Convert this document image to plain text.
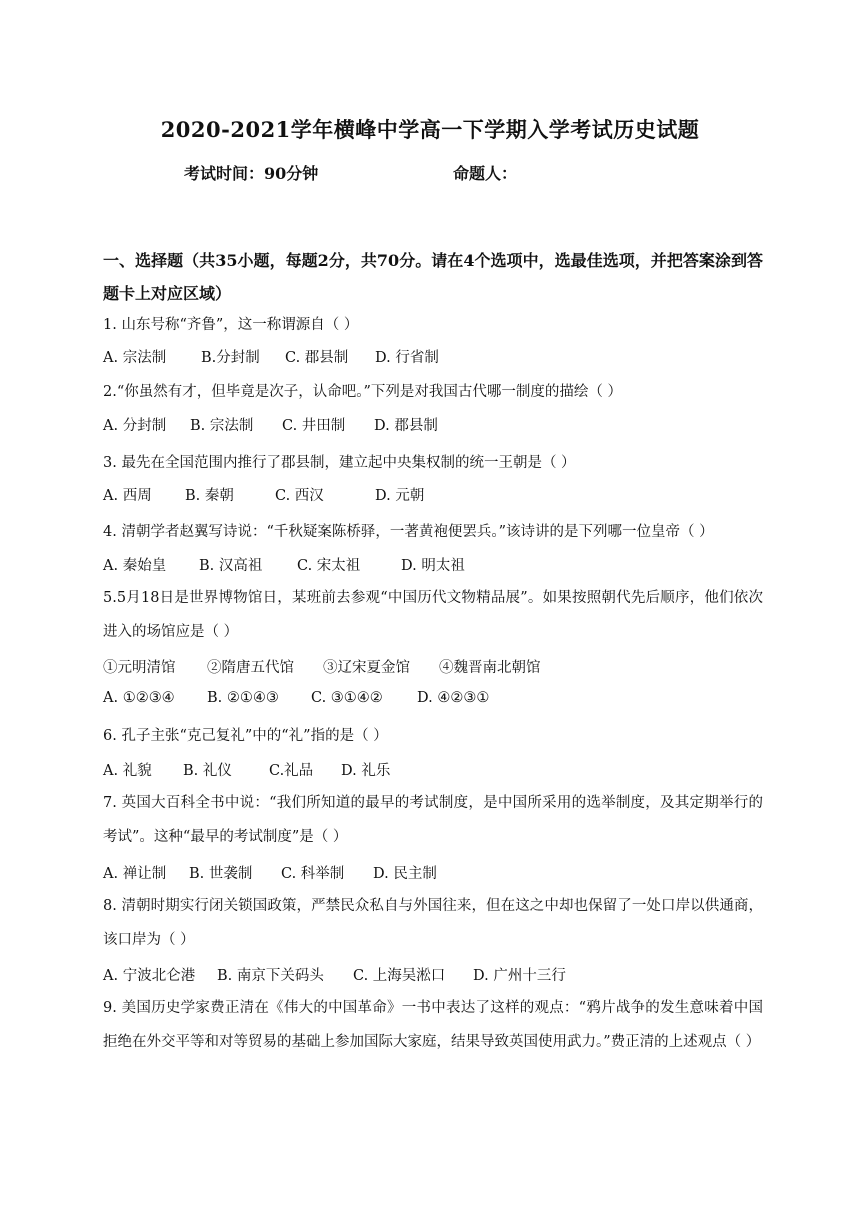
2020-2021学年横峰中学高一下学期入学考试历史试题
考试时间：90分钟	命题人：
一、选择题（共35小题，每题2分，共70分。请在4个选项中，选最佳选项，并把答案涂到答题卡上对应区域）
1. 山东号称“齐鲁”，这一称谓源自（ ）
A. 宗法制 B.分封制 C. 郡县制 D. 行省制
2.“你虽然有才，但毕竟是次子，认命吧。”下列是对我国古代哪一制度的描绘（ ）
A. 分封制 B. 宗法制 C. 井田制 D. 郡县制
3. 最先在全国范围内推行了郡县制，建立起中央集权制的统一王朝是（ ）
A. 西周 B. 秦朝	C. 西汉	D. 元朝
4. 清朝学者赵翼写诗说：“千秋疑案陈桥驿，一著黄袍便罢兵。”该诗讲的是下列哪一位皇帝（ ）
A. 秦始皇 B. 汉高祖 C. 宋太祖	D. 明太祖
5.5月18日是世界博物馆日，某班前去参观“中国历代文物精品展”。如果按照朝代先后顺序，他们依次进入的场馆应是（ ）
①元明清馆 ②隋唐五代馆 ③辽宋夏金馆 ④魏晋南北朝馆
A. ①②③④ B. ②①④③ C. ③①④② D. ④②③①
6. 孔子主张“克己复礼”中的“礼”指的是（ ）
A. 礼貌 B. 礼仪	C.礼品 D. 礼乐
7. 英国大百科全书中说：“我们所知道的最早的考试制度，是中国所采用的选举制度，及其定期举行的考试”。这种“最早的考试制度”是（ ）
A. 禅让制 B. 世袭制 C. 科举制 D. 民主制
8. 清朝时期实行闭关锁国政策，严禁民众私自与外国往来，但在这之中却也保留了一处口岸以供通商，该口岸为（ ）
A. 宁波北仑港 B. 南京下关码头 C. 上海吴淞口 D. 广州十三行
9. 美国历史学家费正清在《伟大的中国革命》一书中表达了这样的观点：“鸦片战争的发生意味着中国拒绝在外交平等和对等贸易的基础上参加国际大家庭，结果导致英国使用武力。”费正清的上述观点（ ）
